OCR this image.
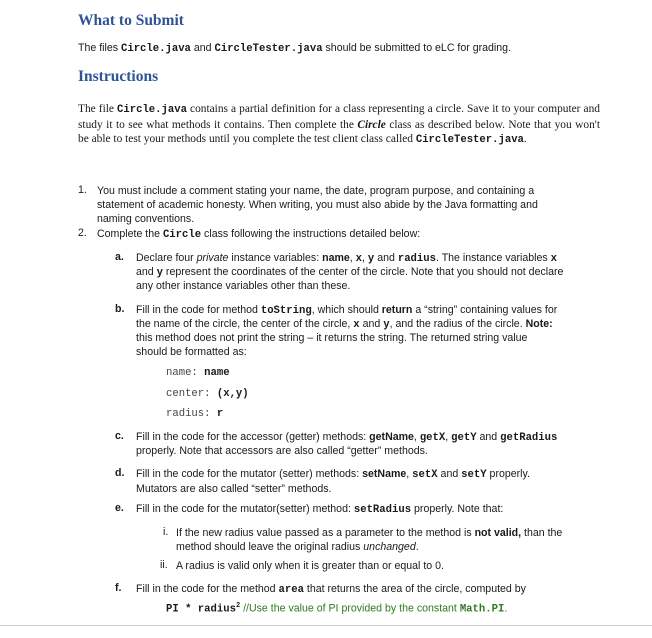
What to Submit
The files Circle.java and CircleTester.java should be submitted to eLC for grading.
Instructions
The file Circle.java contains a partial definition for a class representing a circle. Save it to your computer and study it to see what methods it contains. Then complete the Circle class as described below. Note that you won't be able to test your methods until you complete the test client class called CircleTester.java.
1. You must include a comment stating your name, the date, program purpose, and containing a
statement of academic honesty. When writing, you must also abide by the Java formatting and
naming conventions.
2. Complete the Circle class following the instructions detailed below:
a. Declare four private instance variables: name, x, y and radius. The instance variables x
and y represent the coordinates of the center of the circle. Note that you should not declare
any other instance variables other than these.
b. Fill in the code for method toString, which should return a “string” containing values for
the name of the circle, the center of the circle, x and y, and the radius of the circle. Note:
this method does not print the string – it returns the string. The returned string value
should be formatted as:
name: name
center: (x,y)
radius: r
c. Fill in the code for the accessor (getter) methods: getName, getX, getY and getRadius
properly. Note that accessors are also called “getter” methods.
d. Fill in the code for the mutator (setter) methods: setName, setX and setY properly.
Mutators are also called “setter” methods.
e. Fill in the code for the mutator(setter) method: setRadius properly. Note that:
i. If the new radius value passed as a parameter to the method is not valid, than the
method should leave the original radius unchanged.
ii. A radius is valid only when it is greater than or equal to 0.
f. Fill in the code for the method area that returns the area of the circle, computed by
PI * radius$^2$ //Use the value of PI provided by the constant Math.PI.
